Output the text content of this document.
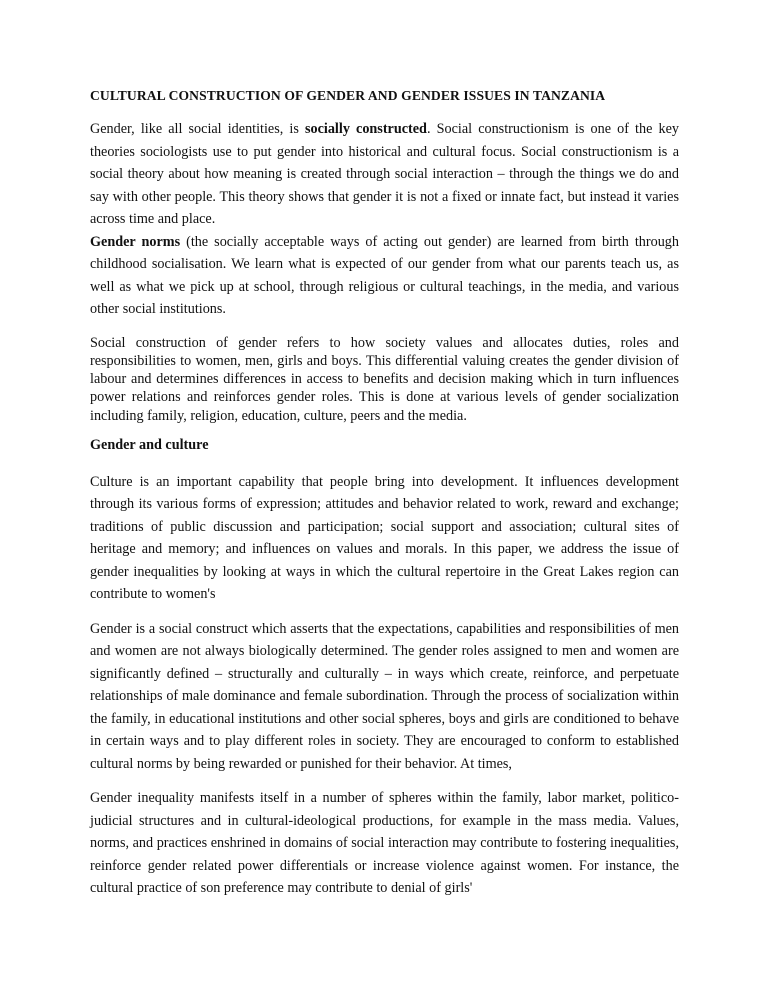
CULTURAL CONSTRUCTION OF GENDER AND GENDER ISSUES IN TANZANIA

Gender, like all social identities, is socially constructed. Social constructionism is one of the key theories sociologists use to put gender into historical and cultural focus. Social constructionism is a social theory about how meaning is created through social interaction – through the things we do and say with other people. This theory shows that gender it is not a fixed or innate fact, but instead it varies across time and place.

Gender norms (the socially acceptable ways of acting out gender) are learned from birth through childhood socialisation. We learn what is expected of our gender from what our parents teach us, as well as what we pick up at school, through religious or cultural teachings, in the media, and various other social institutions.

Social construction of gender refers to how society values and allocates duties, roles and responsibilities to women, men, girls and boys. This differential valuing creates the gender division of labour and determines differences in access to benefits and decision making which in turn influences power relations and reinforces gender roles. This is done at various levels of gender socialization including family, religion, education, culture, peers and the media.

Gender and culture

Culture is an important capability that people bring into development. It influences development through its various forms of expression; attitudes and behavior related to work, reward and exchange; traditions of public discussion and participation; social support and association; cultural sites of heritage and memory; and influences on values and morals. In this paper, we address the issue of gender inequalities by looking at ways in which the cultural repertoire in the Great Lakes region can contribute to women's

Gender is a social construct which asserts that the expectations, capabilities and responsibilities of men and women are not always biologically determined. The gender roles assigned to men and women are significantly defined – structurally and culturally – in ways which create, reinforce, and perpetuate relationships of male dominance and female subordination. Through the process of socialization within the family, in educational institutions and other social spheres, boys and girls are conditioned to behave in certain ways and to play different roles in society. They are encouraged to conform to established cultural norms by being rewarded or punished for their behavior. At times,

Gender inequality manifests itself in a number of spheres within the family, labor market, politico-judicial structures and in cultural-ideological productions, for example in the mass media. Values, norms, and practices enshrined in domains of social interaction may contribute to fostering inequalities, reinforce gender related power differentials or increase violence against women. For instance, the cultural practice of son preference may contribute to denial of girls'
